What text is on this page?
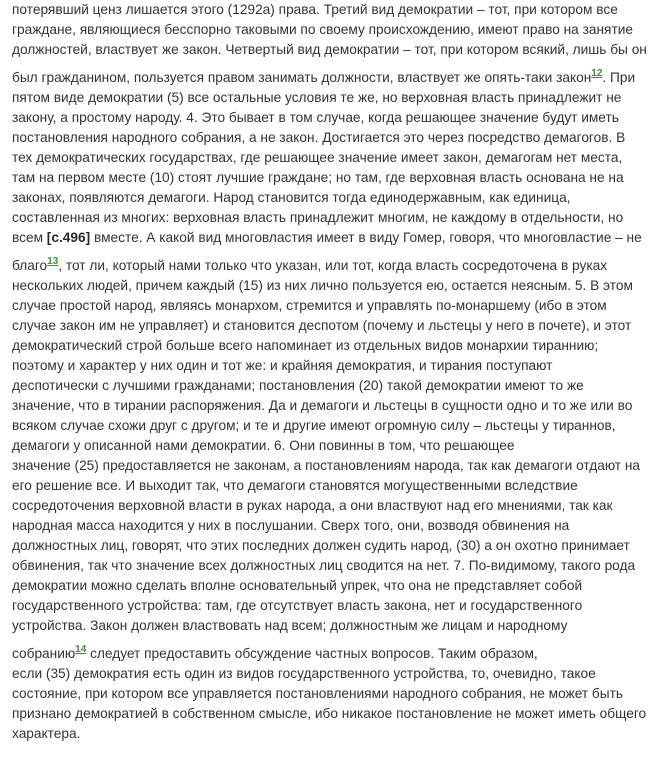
потерявший ценз лишается этого (1292a) права. Третий вид демократии – тот, при котором все
граждане, являющиеся бесспорно таковыми по своему происхождению, имеют право на занятие
должностей, властвует же закон. Четвертый вид демократии – тот, при котором всякий, лишь бы он
был гражданином, пользуется правом занимать должности, властвует же опять-таки закон$^{12}$. При
пятом виде демократии (5) все остальные условия те же, но верховная власть принадлежит не
закону, а простому народу. 4. Это бывает в том случае, когда решающее значение будут иметь
постановления народного собрания, а не закон. Достигается это через посредство демагогов. В
тех демократических государствах, где решающее значение имеет закон, демагогам нет места,
там на первом месте (10) стоят лучшие граждане; но там, где верховная власть основана не на
законах, появляются демагоги. Народ становится тогда единодержавным, как единица,
составленная из многих: верховная власть принадлежит многим, не каждому в отдельности, но
всем [c.496] вместе. А какой вид многовластия имеет в виду Гомер, говоря, что многовластие – не
благо$^{13}$, тот ли, который нами только что указан, или тот, когда власть сосредоточена в руках
нескольких людей, причем каждый (15) из них лично пользуется ею, остается неясным. 5. В этом
случае простой народ, являясь монархом, стремится и управлять по-монаршему (ибо в этом
случае закон им не управляет) и становится деспотом (почему и льстецы у него в почете), и этот
демократический строй больше всего напоминает из отдельных видов монархии тираннию;
поэтому и характер у них один и тот же: и крайняя демократия, и тирания поступают
деспотически с лучшими гражданами; постановления (20) такой демократии имеют то же
значение, что в тирании распоряжения. Да и демагоги и льстецы в сущности одно и то же или во
всяком случае схожи друг с другом; и те и другие имеют огромную силу – льстецы у тираннов,
демагоги у описанной нами демократии. 6. Они повинны в том, что решающее
значение (25) предоставляется не законам, а постановлениям народа, так как демагоги отдают на
его решение все. И выходит так, что демагоги становятся могущественными вследствие
сосредоточения верховной власти в руках народа, а они властвуют над его мнениями, так как
народная масса находится у них в послушании. Сверх того, они, возводя обвинения на
должностных лиц, говорят, что этих последних должен судить народ, (30) а он охотно принимает
обвинения, так что значение всех должностных лиц сводится на нет. 7. По-видимому, такого рода
демократии можно сделать вполне основательный упрек, что она не представляет собой
государственного устройства: там, где отсутствует власть закона, нет и государственного
устройства. Закон должен властвовать над всем; должностным же лицам и народному
собранию$^{14}$ следует предоставить обсуждение частных вопросов. Таким образом,
если (35) демократия есть один из видов государственного устройства, то, очевидно, такое
состояние, при котором все управляется постановлениями народного собрания, не может быть
признано демократией в собственном смысле, ибо никакое постановление не может иметь общего
характера.
